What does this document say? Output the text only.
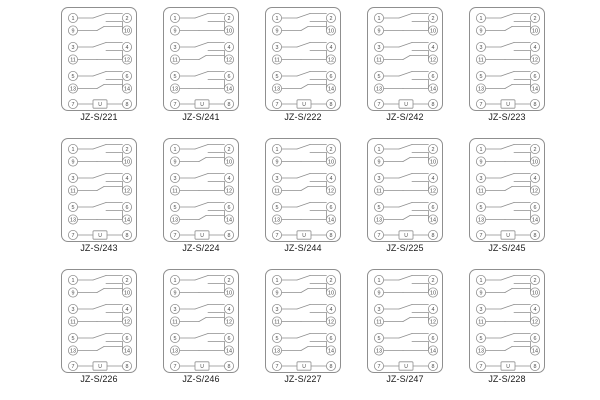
U
1
9
3
11
5
13
7
2
10
4
12
6
14
8
JZ-S/221
U
1
9
3
11
5
13
7
2
10
4
12
6
14
8
JZ-S/241
U
1
9
3
11
5
13
7
2
10
4
12
6
14
8
JZ-S/222
U
1
9
3
11
5
13
7
2
10
4
12
6
14
8
JZ-S/242
U
1
9
3
11
5
13
7
2
10
4
12
6
14
8
JZ-S/223
U
1
9
3
11
5
13
7
2
10
4
12
6
14
8
JZ-S/243
U
1
9
3
11
5
13
7
2
10
4
12
6
14
8
JZ-S/224
U
1
9
3
11
5
13
7
2
10
4
12
6
14
8
JZ-S/244
U
1
9
3
11
5
13
7
2
10
4
12
6
14
8
JZ-S/225
U
1
9
3
11
5
13
7
2
10
4
12
6
14
8
JZ-S/245
U
1
9
3
11
5
13
7
2
10
4
12
6
14
8
JZ-S/226
U
1
9
3
11
5
13
7
2
10
4
12
6
14
8
JZ-S/246
U
1
9
3
11
5
13
7
2
10
4
12
6
14
8
JZ-S/227
U
1
9
3
11
5
13
7
2
10
4
12
6
14
8
JZ-S/247
U
1
9
3
11
5
13
7
2
10
4
12
6
14
8
JZ-S/228
